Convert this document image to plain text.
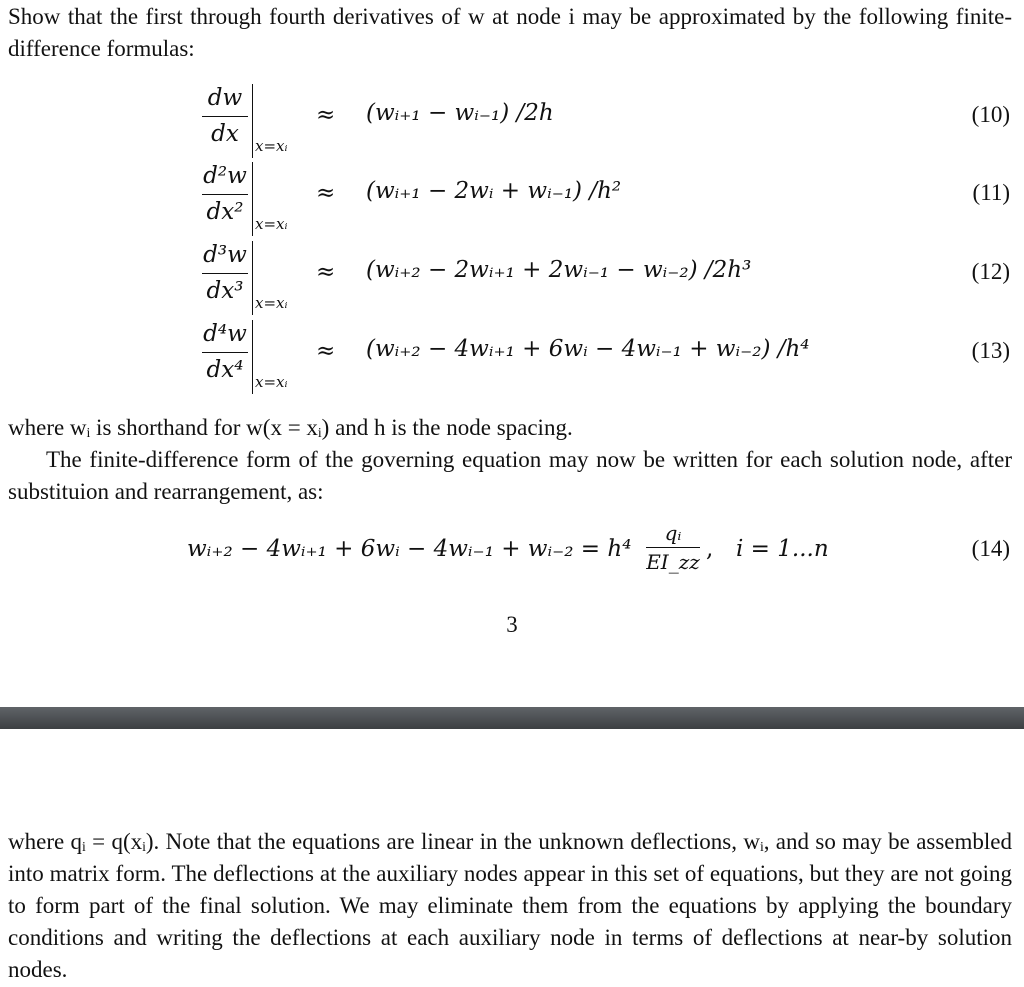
Show that the first through fourth derivatives of w at node i may be approximated by the following finite-difference formulas:

dw
dx	x=xᵢ
≈ (wᵢ₊₁ − wᵢ₋₁) /2h	(10)
d²w
dx² x=xᵢ
≈ (wᵢ₊₁ − 2wᵢ + wᵢ₋₁) /h²	(11)
d³w
dx³ x=xᵢ
≈ (wᵢ₊₂ − 2wᵢ₊₁ + 2wᵢ₋₁ − wᵢ₋₂) /2h³	(12)
d⁴w
dx⁴ x=xᵢ
≈ (wᵢ₊₂ − 4wᵢ₊₁ + 6wᵢ − 4wᵢ₋₁ + wᵢ₋₂) /h⁴	(13)

where wᵢ is shorthand for w(x = xᵢ) and h is the node spacing.

The finite-difference form of the governing equation may now be written for each solution node, after substituion and rearrangement, as:

wᵢ₊₂ − 4wᵢ₊₁ + 6wᵢ − 4wᵢ₋₁ + wᵢ₋₂ = h⁴
qᵢ
EI_zz , i = 1...n	(14)
3

where qᵢ = q(xᵢ). Note that the equations are linear in the unknown deflections, wᵢ, and so may be assembled into matrix form. The deflections at the auxiliary nodes appear in this set of equations, but they are not going to form part of the final solution. We may eliminate them from the equations by applying the boundary conditions and writing the deflections at each auxiliary node in terms of deflections at near-by solution nodes.
